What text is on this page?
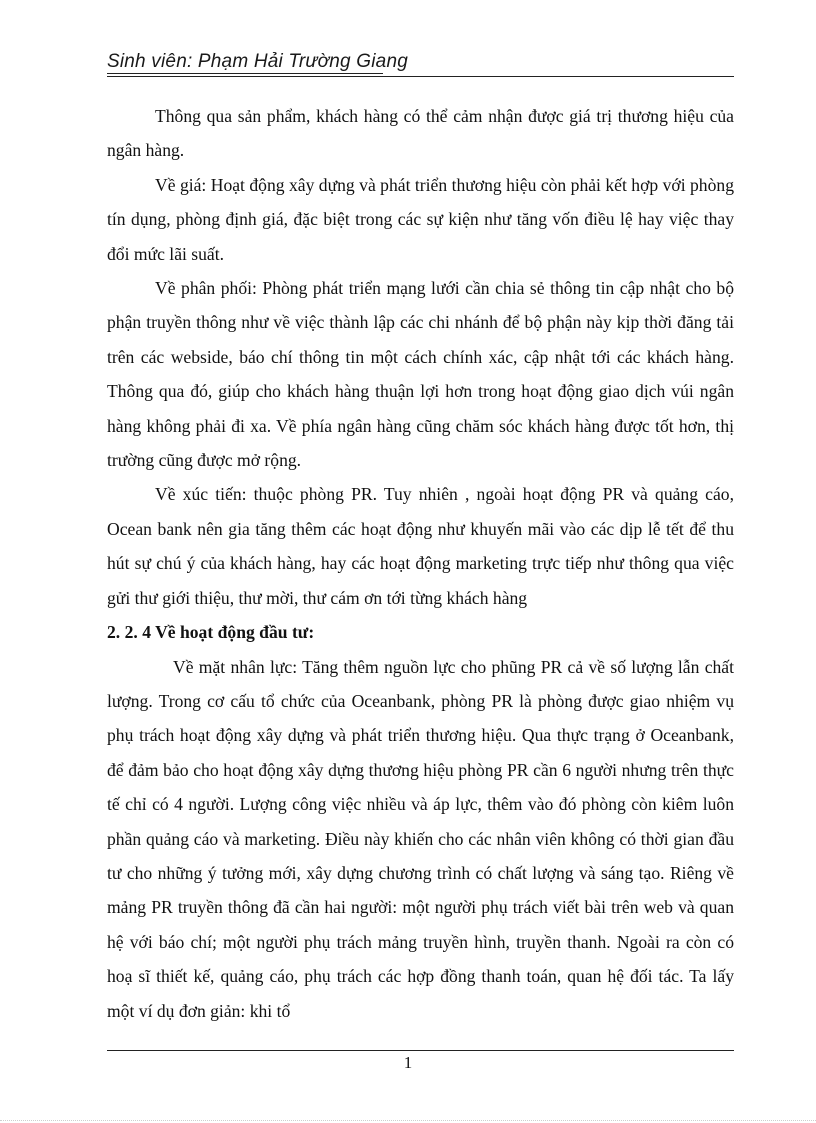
Sinh viên: Phạm Hải Trường Giang

Thông qua sản phẩm, khách hàng có thể cảm nhận được giá trị thương hiệu của ngân hàng.

Về giá: Hoạt động xây dựng và phát triển thương hiệu còn phải kết hợp với phòng tín dụng, phòng định giá, đặc biệt trong các sự kiện như tăng vốn điều lệ hay việc thay đổi mức lãi suất.

Về phân phối: Phòng phát triển mạng lưới cần chia sẻ thông tin cập nhật cho bộ phận truyền thông như về việc thành lập các chi nhánh để bộ phận này kịp thời đăng tải trên các webside, báo chí thông tin một cách chính xác, cập nhật tới các khách hàng. Thông qua đó, giúp cho khách hàng thuận lợi hơn trong hoạt động giao dịch vúi ngân hàng không phải đi xa. Về phía ngân hàng cũng chăm sóc khách hàng được tốt hơn, thị trường cũng được mở rộng.

Về xúc tiến: thuộc phòng PR. Tuy nhiên , ngoài hoạt động PR và quảng cáo, Ocean bank nên gia tăng thêm các hoạt động như khuyến mãi vào các dịp lễ tết để thu hút sự chú ý của khách hàng, hay các hoạt động marketing trực tiếp như thông qua việc gửi thư giới thiệu, thư mời, thư cám ơn tới từng khách hàng

2. 2. 4 Về hoạt động đầu tư:

Về mặt nhân lực: Tăng thêm nguồn lực cho phũng PR cả về số lượng lẫn chất lượng. Trong cơ cấu tổ chức của Oceanbank, phòng PR là phòng được giao nhiệm vụ phụ trách hoạt động xây dựng và phát triển thương hiệu. Qua thực trạng ở Oceanbank, để đảm bảo cho hoạt động xây dựng thương hiệu phòng PR cần 6 người nhưng trên thực tế chỉ có 4 người. Lượng công việc nhiều và áp lực, thêm vào đó phòng còn kiêm luôn phần quảng cáo và marketing. Điều này khiến cho các nhân viên không có thời gian đầu tư cho những ý tưởng mới, xây dựng chương trình có chất lượng và sáng tạo. Riêng về mảng PR truyền thông đã cần hai người: một người phụ trách viết bài trên web và quan hệ với báo chí; một người phụ trách mảng truyền hình, truyền thanh. Ngoài ra còn có hoạ sĩ thiết kế, quảng cáo, phụ trách các hợp đồng thanh toán, quan hệ đối tác. Ta lấy một ví dụ đơn giản: khi tổ

1
